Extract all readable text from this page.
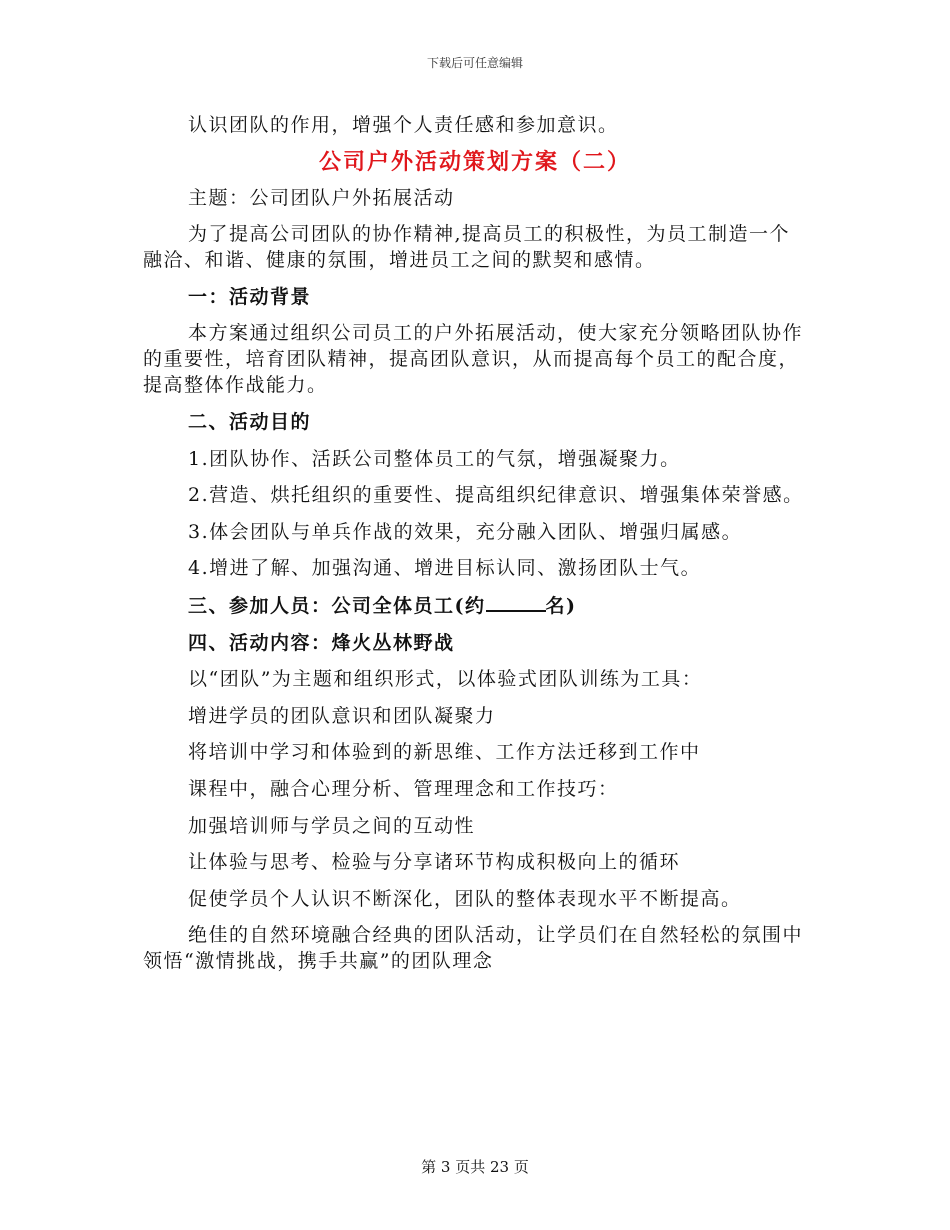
下载后可任意编辑
认识团队的作用，增强个人责任感和参加意识。
公司户外活动策划方案（二）
主题：公司团队户外拓展活动
为了提高公司团队的协作精神,提高员工的积极性，为员工制造一个融洽、和谐、健康的氛围，增进员工之间的默契和感情。
一：活动背景
本方案通过组织公司员工的户外拓展活动，使大家充分领略团队协作的重要性，培育团队精神，提高团队意识，从而提高每个员工的配合度，提高整体作战能力。
二、活动目的
1.团队协作、活跃公司整体员工的气氛，增强凝聚力。
2.营造、烘托组织的重要性、提高组织纪律意识、增强集体荣誉感。
3.体会团队与单兵作战的效果，充分融入团队、增强归属感。
4.增进了解、加强沟通、增进目标认同、激扬团队士气。
三、参加人员：公司全体员工(约	名)
四、活动内容：烽火丛林野战
以“团队”为主题和组织形式，以体验式团队训练为工具：
增进学员的团队意识和团队凝聚力
将培训中学习和体验到的新思维、工作方法迁移到工作中
课程中，融合心理分析、管理理念和工作技巧：
加强培训师与学员之间的互动性
让体验与思考、检验与分享诸环节构成积极向上的循环
促使学员个人认识不断深化，团队的整体表现水平不断提高。
绝佳的自然环境融合经典的团队活动，让学员们在自然轻松的氛围中领悟“激情挑战，携手共赢”的团队理念
第 3 页共 23 页
